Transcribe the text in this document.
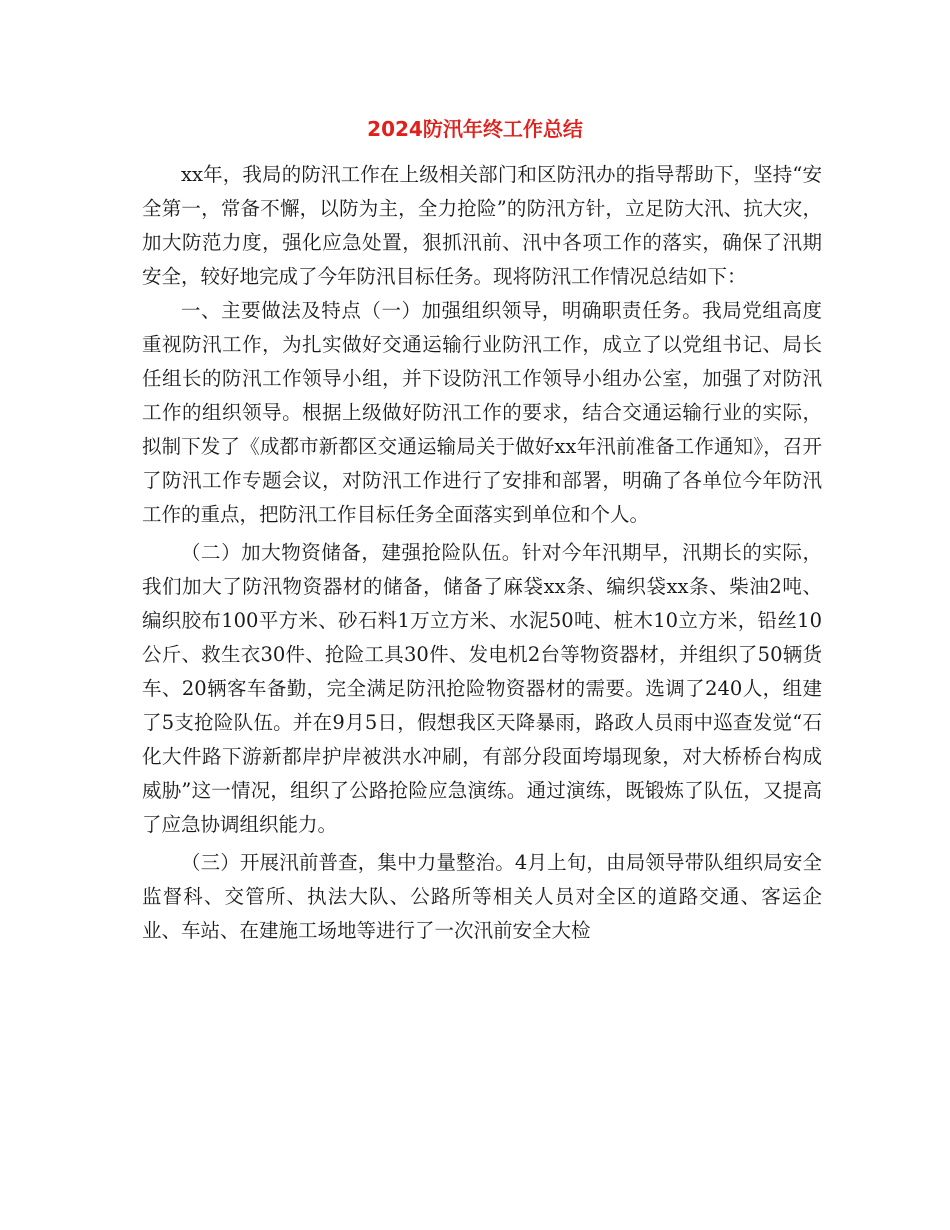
2024防汛年终工作总结

xx年，我局的防汛工作在上级相关部门和区防汛办的指导帮助下，坚持“安全第一，常备不懈，以防为主，全力抢险”的防汛方针，立足防大汛、抗大灾，加大防范力度，强化应急处置，狠抓汛前、汛中各项工作的落实，确保了汛期安全，较好地完成了今年防汛目标任务。现将防汛工作情况总结如下：

一、主要做法及特点（一）加强组织领导，明确职责任务。我局党组高度重视防汛工作，为扎实做好交通运输行业防汛工作，成立了以党组书记、局长任组长的防汛工作领导小组，并下设防汛工作领导小组办公室，加强了对防汛工作的组织领导。根据上级做好防汛工作的要求，结合交通运输行业的实际，拟制下发了《成都市新都区交通运输局关于做好xx年汛前准备工作通知》，召开了防汛工作专题会议，对防汛工作进行了安排和部署，明确了各单位今年防汛工作的重点，把防汛工作目标任务全面落实到单位和个人。

（二）加大物资储备，建强抢险队伍。针对今年汛期早，汛期长的实际，我们加大了防汛物资器材的储备，储备了麻袋xx条、编织袋xx条、柴油2吨、编织胶布100平方米、砂石料1万立方米、水泥50吨、桩木10立方米，铅丝10公斤、救生衣30件、抢险工具30件、发电机2台等物资器材，并组织了50辆货车、20辆客车备勤，完全满足防汛抢险物资器材的需要。选调了240人，组建了5支抢险队伍。并在9月5日，假想我区天降暴雨，路政人员雨中巡查发觉“石化大件路下游新都岸护岸被洪水冲刷，有部分段面垮塌现象，对大桥桥台构成威胁”这一情况，组织了公路抢险应急演练。通过演练，既锻炼了队伍，又提高了应急协调组织能力。

（三）开展汛前普查，集中力量整治。4月上旬，由局领导带队组织局安全监督科、交管所、执法大队、公路所等相关人员对全区的道路交通、客运企业、车站、在建施工场地等进行了一次汛前安全大检
